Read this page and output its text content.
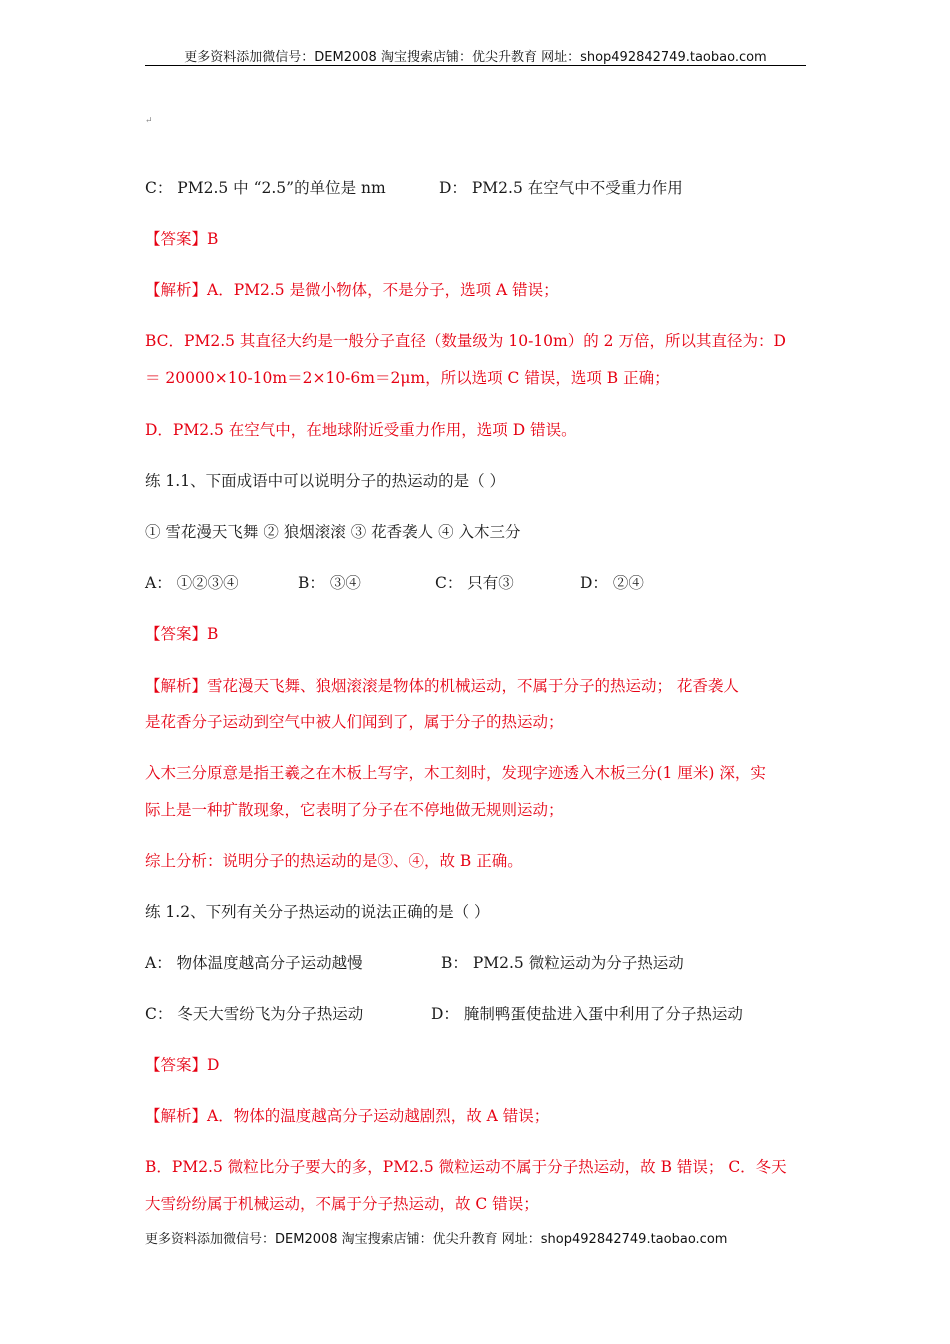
更多资料添加微信号：DEM2008 淘宝搜索店铺：优尖升教育 网址：shop492842749.taobao.com
↵
C： PM2.5 中 “2.5”的单位是 nm	D： PM2.5 在空气中不受重力作用
【答案】B
【解析】A．PM2.5 是微小物体，不是分子，选项 A 错误；
BC．PM2.5 其直径大约是一般分子直径（数量级为 10-10m）的 2 万倍，所以其直径为：D
＝ 20000×10-10m＝2×10-6m＝2μm，所以选项 C 错误，选项 B 正确；
D．PM2.5 在空气中，在地球附近受重力作用，选项 D 错误。
练 1.1、下面成语中可以说明分子的热运动的是（ ）
① 雪花漫天飞舞 ② 狼烟滚滚 ③ 花香袭人 ④ 入木三分
A： ①②③④	B： ③④	C： 只有③	D： ②④
【答案】B
【解析】雪花漫天飞舞、狼烟滚滚是物体的机械运动，不属于分子的热运动； 花香袭人
是花香分子运动到空气中被人们闻到了，属于分子的热运动；
入木三分原意是指王羲之在木板上写字，木工刻时，发现字迹透入木板三分(1 厘米) 深，实
际上是一种扩散现象，它表明了分子在不停地做无规则运动；
综上分析：说明分子的热运动的是③、④，故 B 正确。
练 1.2、下列有关分子热运动的说法正确的是（ ）
A： 物体温度越高分子运动越慢	B： PM2.5 微粒运动为分子热运动
C： 冬天大雪纷飞为分子热运动	D： 腌制鸭蛋使盐进入蛋中利用了分子热运动
【答案】D
【解析】A．物体的温度越高分子运动越剧烈，故 A 错误；
B．PM2.5 微粒比分子要大的多，PM2.5 微粒运动不属于分子热运动，故 B 错误； C．冬天
大雪纷纷属于机械运动，不属于分子热运动，故 C 错误；
更多资料添加微信号：DEM2008 淘宝搜索店铺：优尖升教育 网址：shop492842749.taobao.com
